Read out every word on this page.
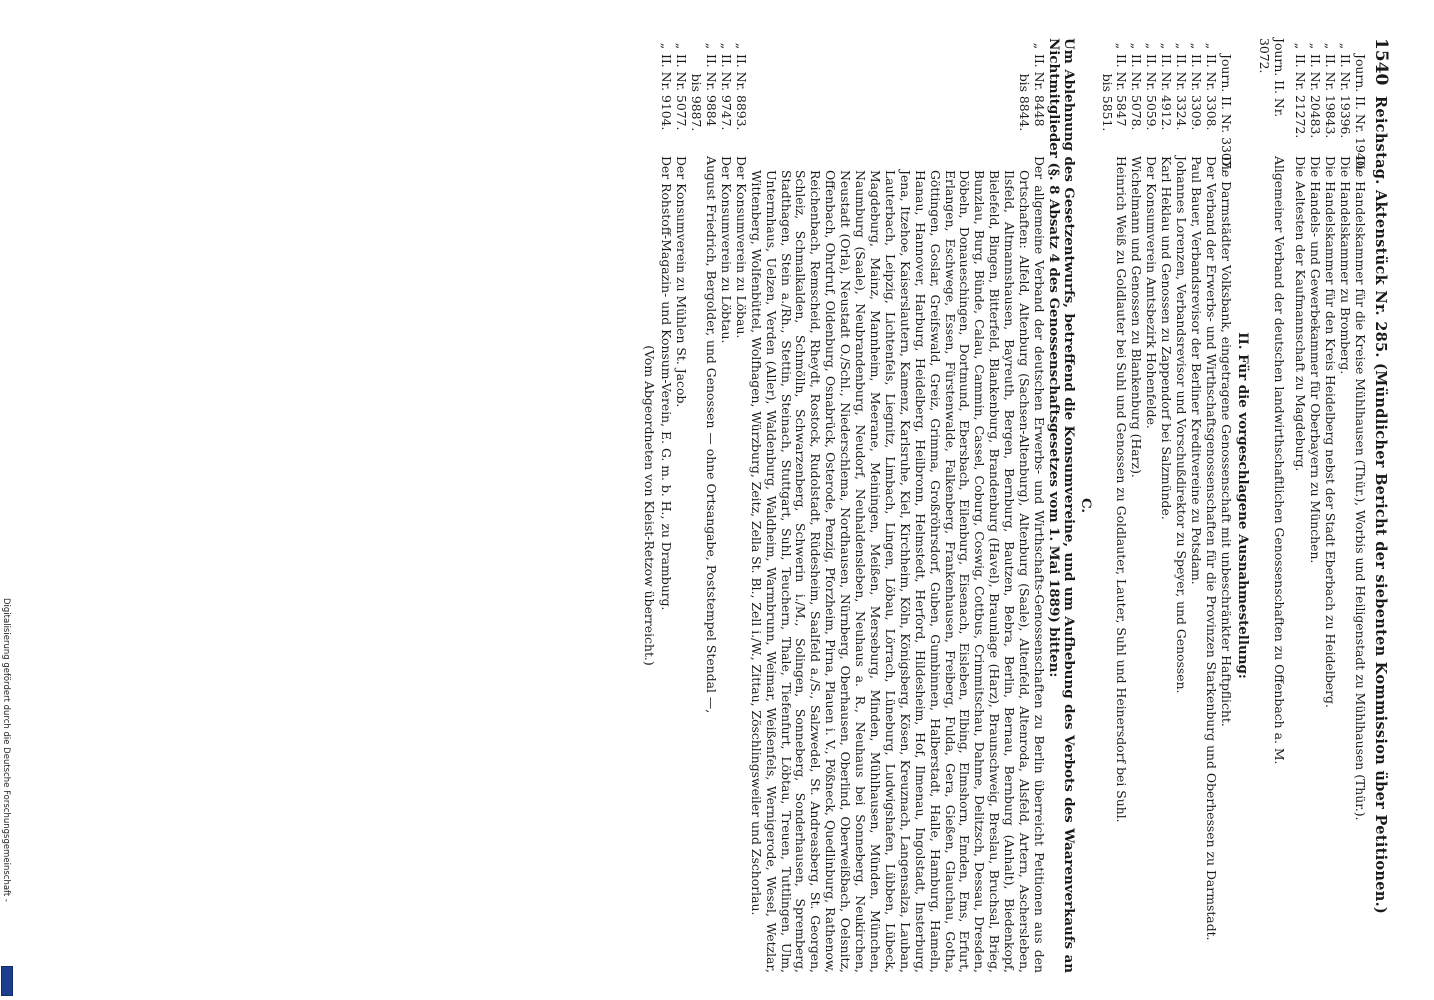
1540
Reichstag. Aktenstück Nr. 285. (Mündlicher Bericht der siebenten Kommission über Petitionen.)
Journ. II. Nr. 1940.
Die Handelskammer für die Kreise Mühlhausen (Thür.), Worbis und Heiligenstadt zu Mühlhausen (Thür.).
„
II. Nr. 19396.
Die Handelskammer zu Bromberg.
„
II. Nr. 19843.
Die Handelskammer für den Kreis Heidelberg nebst der Stadt Eberbach zu Heidelberg.
„
II. Nr. 20483.
Die Handels- und Gewerbekammer für Oberbayern zu München.
„
II. Nr. 21272.
Die Aeltesten der Kaufmannschaft zu Magdeburg.
Journ. II. Nr. 3072.
Allgemeiner Verband der deutschen landwirthschaftlichen Genossenschaften zu Offenbach a. M.
II. Für die vorgeschlagene Ausnahmestellung:
Journ. II. Nr. 3307.
Die Darmstädter Volksbank, eingetragene Genossenschaft mit unbeschränkter Haftpflicht.
„
II. Nr. 3308.
Der Verband der Erwerbs- und Wirthschaftsgenossenschaften für die Provinzen Starkenburg und Oberhessen zu Darmstadt.
„
II. Nr. 3309.
Paul Bauer, Verbandsrevisor der Berliner Kreditvereine zu Potsdam.
„
II. Nr. 3324.
Johannes Lorenzen, Verbandsrevisor und Vorschußdirektor zu Speyer, und Genossen.
„
II. Nr. 4912.
Karl Heklau und Genossen zu Zappendorf bei Salzmünde.
„
II. Nr. 5059.
Der Konsumverein Amtsbezirk Hohenfelde.
„
II. Nr. 5078.
Wichelmann und Genossen zu Blankenburg (Harz).
„
II. Nr. 5847
bis 5851.
Heinrich Weiß zu Goldlauter bei Suhl und Genossen zu Goldlauter, Lauter, Suhl und Heinersdorf bei Suhl.
C.
Um Ablehnung des Gesetzentwurfs, betreffend die Konsumvereine, und um Aufhebung des Verbots des Waarenverkaufs an Nichtmitglieder (§. 8 Absatz 4 des Genossenschaftsgesetzes vom 1. Mai 1889) bitten:
„
II. Nr. 8448
bis 8844.
Der allgemeine Verband der deutschen Erwerbs- und Wirthschafts-Genossenschaften zu Berlin überreicht Petitionen aus den Ortschaften: Alfeld, Altenburg (Sachsen-Altenburg), Altenburg (Saale), Altenfeld, Altenroda, Alsfeld, Artern, Aschersleben, Ilsfeld, Altmannshausen, Bayreuth, Bergen, Bernburg, Bautzen, Bebra, Berlin, Bernau, Bernburg (Anhalt), Biedenkopf, Bielefeld, Bingen, Bitterfeld, Blankenburg, Brandenburg (Havel), Braunlage (Harz), Braunschweig, Breslau, Bruchsal, Brieg, Bunzlau, Burg, Bünde, Calau, Cammin, Cassel, Coburg, Coswig, Cottbus, Crimmitschau, Dahme, Delitzsch, Dessau, Dresden, Döbeln, Donaueschingen, Dortmund, Ebersbach, Eilenburg, Eisenach, Eisleben, Elbing, Elmshorn, Emden, Ems, Erfurt, Erlangen, Eschwege, Essen, Fürstenwalde, Falkenberg, Frankenhausen, Freiberg, Fulda, Gera, Gießen, Glauchau, Gotha, Göttingen, Goslar, Greifswald, Greiz, Grimma, Großröhrsdorf, Guben, Gumbinnen, Halberstadt, Halle, Hamburg, Hameln, Hanau, Hannover, Harburg, Heidelberg, Heilbronn, Helmstedt, Herford, Hildesheim, Hof, Ilmenau, Ingolstadt, Insterburg, Jena, Itzehoe, Kaiserslautern, Kamenz, Karlsruhe, Kiel, Kirchheim, Köln, Königsberg, Kösen, Kreuznach, Langensalza, Lauban, Lauterbach, Leipzig, Lichtenfels, Liegnitz, Limbach, Lingen, Löbau, Lörrach, Lüneburg, Ludwigshafen, Lübben, Lübeck, Magdeburg, Mainz, Mannheim, Meerane, Meiningen, Meißen, Merseburg, Minden, Mühlhausen, Münden, München, Naumburg (Saale), Neubrandenburg, Neudorf, Neuhaldensleben, Neuhaus a. R., Neuhaus bei Sonneberg, Neukirchen, Neustadt (Orla), Neustadt O./Schl., Niederschlema, Nordhausen, Nürnberg, Oberhausen, Oberlind, Oberweißbach, Oelsnitz, Offenbach, Ohrdruf, Oldenburg, Osnabrück, Osterode, Penzig, Pforzheim, Pirna, Plauen i. V., Pößneck, Quedlinburg, Rathenow, Reichenbach, Remscheid, Rheydt, Rostock, Rudolstadt, Rüdesheim, Saalfeld a./S., Salzwedel, St. Andreasberg, St. Georgen, Schleiz, Schmalkalden, Schmölln, Schwarzenberg, Schwerin i./M., Solingen, Sonneberg, Sonderhausen, Spremberg, Stadthagen, Stein a./Rh., Stettin, Steinach, Stuttgart, Suhl, Teuchern, Thale, Tiefenfurt, Löbtau, Treuen, Tuttlingen, Ulm, Untermhaus, Uelzen, Verden (Aller), Waldenburg, Waldheim, Warmbrunn, Weimar, Weißenfels, Wernigerode, Wesel, Wetzlar, Wittenberg, Wolfenbüttel, Wolfhagen, Würzburg, Zeitz, Zella St. Bl., Zell i./W., Zittau, Zöschlingsweiler und Zschorlau.
„
II. Nr. 8893.
Der Konsumverein zu Löbau.
„
II. Nr. 9747.
Der Konsumverein zu Löbtau.
„
II. Nr. 9884
bis 9887.
August Friedrich, Bergolder, und Genossen — ohne Ortsangabe, Poststempel Stendal —,
„
II. Nr. 5077.
Der Konsumverein zu Mühlen St. Jacob.
„
II. Nr. 9104.
Der Rohstoff-Magazin- und Konsum-Verein, E. G. m. b. H., zu Dramburg.
(Vom Abgeordneten von Kleist-Retzow überreicht.)
Digitalisierung gefördert durch die Deutsche Forschungsgemeinschaft -
